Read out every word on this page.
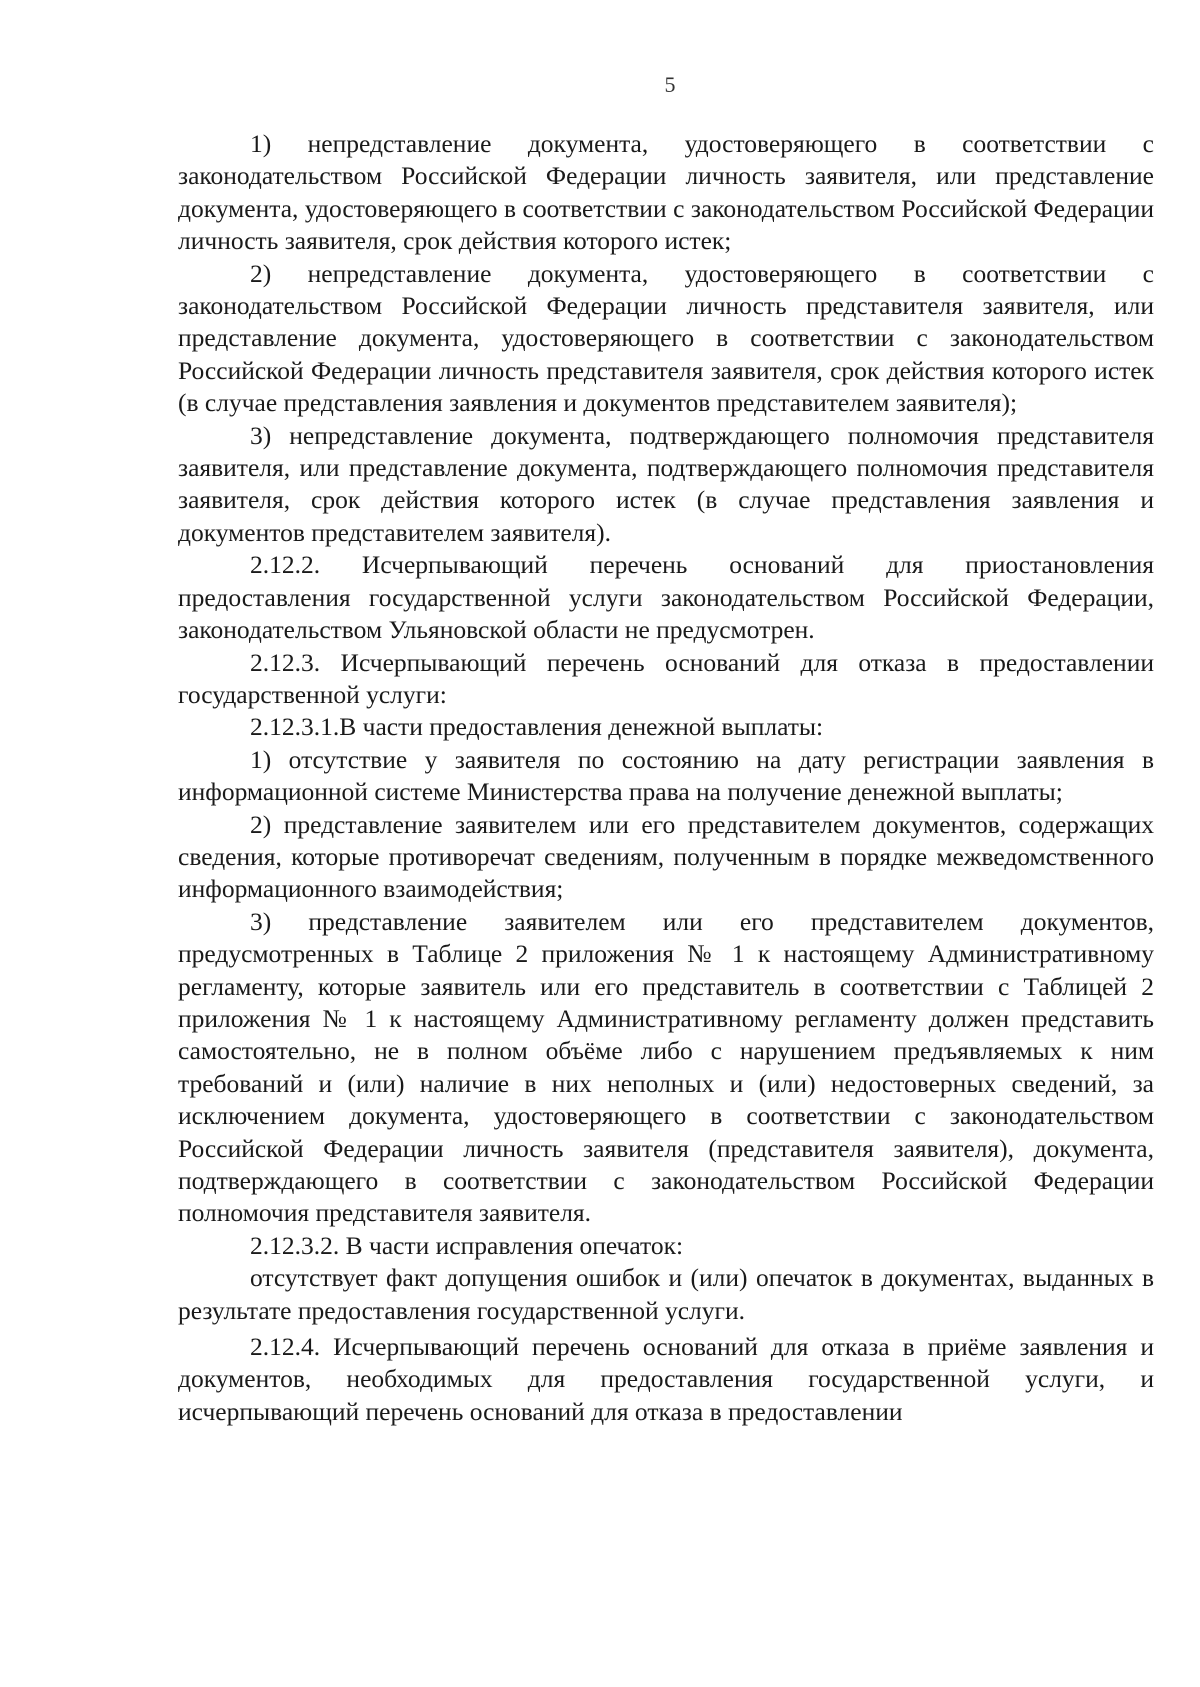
5

1) непредставление документа, удостоверяющего в соответствии с законодательством Российской Федерации личность заявителя, или представление документа, удостоверяющего в соответствии с законодательством Российской Федерации личность заявителя, срок действия которого истек;

2) непредставление документа, удостоверяющего в соответствии с законодательством Российской Федерации личность представителя заявителя, или представление документа, удостоверяющего в соответствии с законодательством Российской Федерации личность представителя заявителя, срок действия которого истек (в случае представления заявления и документов представителем заявителя);

3) непредставление документа, подтверждающего полномочия представителя заявителя, или представление документа, подтверждающего полномочия представителя заявителя, срок действия которого истек (в случае представления заявления и документов представителем заявителя).

2.12.2. Исчерпывающий перечень оснований для приостановления предоставления государственной услуги законодательством Российской Федерации, законодательством Ульяновской области не предусмотрен.

2.12.3. Исчерпывающий перечень оснований для отказа в предоставлении государственной услуги:

2.12.3.1.В части предоставления денежной выплаты:

1) отсутствие у заявителя по состоянию на дату регистрации заявления в информационной системе Министерства права на получение денежной выплаты;

2) представление заявителем или его представителем документов, содержащих сведения, которые противоречат сведениям, полученным в порядке межведомственного информационного взаимодействия;

3) представление заявителем или его представителем документов, предусмотренных в Таблице 2 приложения № 1 к настоящему Административному регламенту, которые заявитель или его представитель в соответствии с Таблицей 2 приложения № 1 к настоящему Административному регламенту должен представить самостоятельно, не в полном объёме либо с нарушением предъявляемых к ним требований и (или) наличие в них неполных и (или) недостоверных сведений, за исключением документа, удостоверяющего в соответствии с законодательством Российской Федерации личность заявителя (представителя заявителя), документа, подтверждающего в соответствии с законодательством Российской Федерации полномочия представителя заявителя.

2.12.3.2. В части исправления опечаток:

отсутствует факт допущения ошибок и (или) опечаток в документах, выданных в результате предоставления государственной услуги.

2.12.4. Исчерпывающий перечень оснований для отказа в приёме заявления и документов, необходимых для предоставления государственной услуги, и исчерпывающий перечень оснований для отказа в предоставлении
